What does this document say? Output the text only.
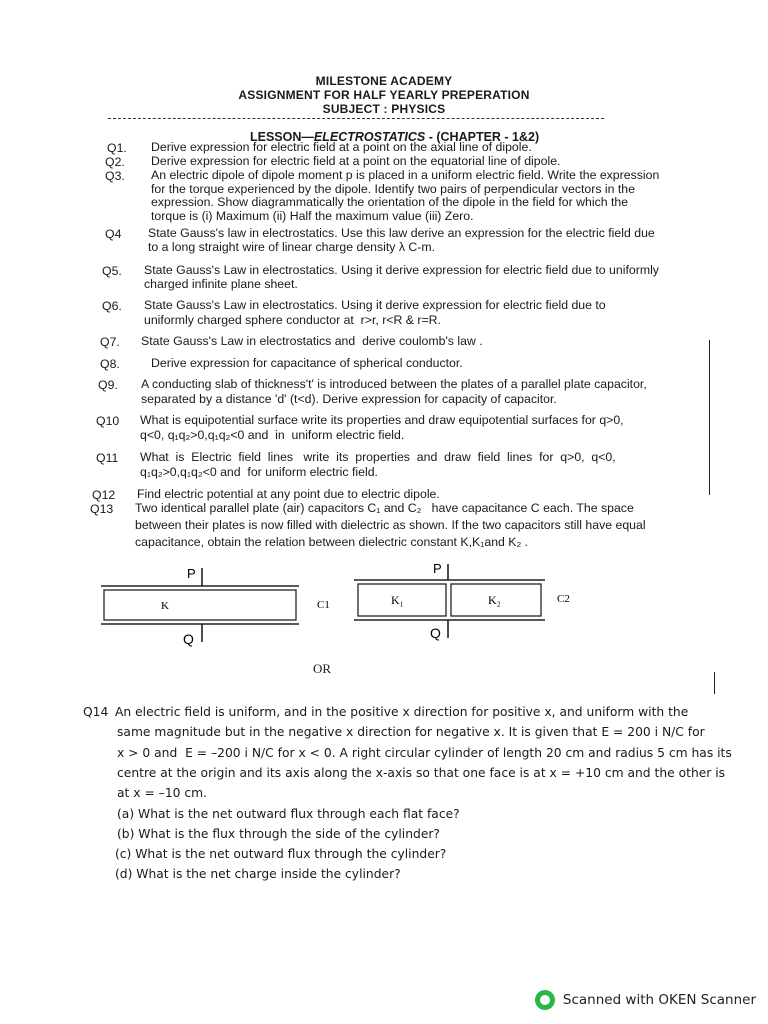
MILESTONE ACADEMY
ASSIGNMENT FOR HALF YEARLY PREPERATION
SUBJECT : PHYSICS
LESSON—ELECTROSTATICS - (CHAPTER - 1&2)
Q1. Derive expression for electric field at a point on the axial line of dipole.
Q2. Derive expression for electric field at a point on the equatorial line of dipole.
Q3. An electric dipole of dipole moment p is placed in a uniform electric field. Write the expression
for the torque experienced by the dipole. Identify two pairs of perpendicular vectors in the
expression. Show diagrammatically the orientation of the dipole in the field for which the
torque is (i) Maximum (ii) Half the maximum value (iii) Zero.
Q4 State Gauss's law in electrostatics. Use this law derive an expression for the electric field due
to a long straight wire of linear charge density λ C-m.
Q5. State Gauss's Law in electrostatics. Using it derive expression for electric field due to uniformly
charged infinite plane sheet.
Q6. State Gauss's Law in electrostatics. Using it derive expression for electric field due to
uniformly charged sphere conductor at  r>r, r<R & r=R.
Q7. State Gauss's Law in electrostatics and  derive coulomb's law .
Q8.	Derive expression for capacitance of spherical conductor.
Q9. A conducting slab of thickness't' is introduced between the plates of a parallel plate capacitor,
separated by a distance 'd' (t<d). Derive expression for capacity of capacitor.
Q10 What is equipotential surface write its properties and draw equipotential surfaces for q>0,
q<0, q₁q₂>0,q₁q₂<0 and  in  uniform electric field.
Q11 What  is  Electric  field  lines   write  its  properties  and  draw  field  lines  for  q>0,  q<0,
q₁q₂>0,q₁q₂<0 and  for uniform electric field.
Q12 Find electric potential at any point due to electric dipole.
Q13 Two identical parallel plate (air) capacitors C₁ and C₂   have capacitance C each. The space
between their plates is now filled with dielectric as shown. If the two capacitors still have equal
capacitance, obtain the relation between dielectric constant K,K₁and K₂ .
P
Q
K	C1
P
Q
K₁	K₂	C2
OR
Q14 An electric field is uniform, and in the positive x direction for positive x, and uniform with the
same magnitude but in the negative x direction for negative x. It is given that E = 200 i N/C for
x > 0 and  E = –200 i N/C for x < 0. A right circular cylinder of length 20 cm and radius 5 cm has its
centre at the origin and its axis along the x-axis so that one face is at x = +10 cm and the other is
at x = –10 cm.
(a) What is the net outward flux through each flat face?
(b) What is the flux through the side of the cylinder?
(c) What is the net outward flux through the cylinder?
(d) What is the net charge inside the cylinder?
Scanned with OKEN Scanner
